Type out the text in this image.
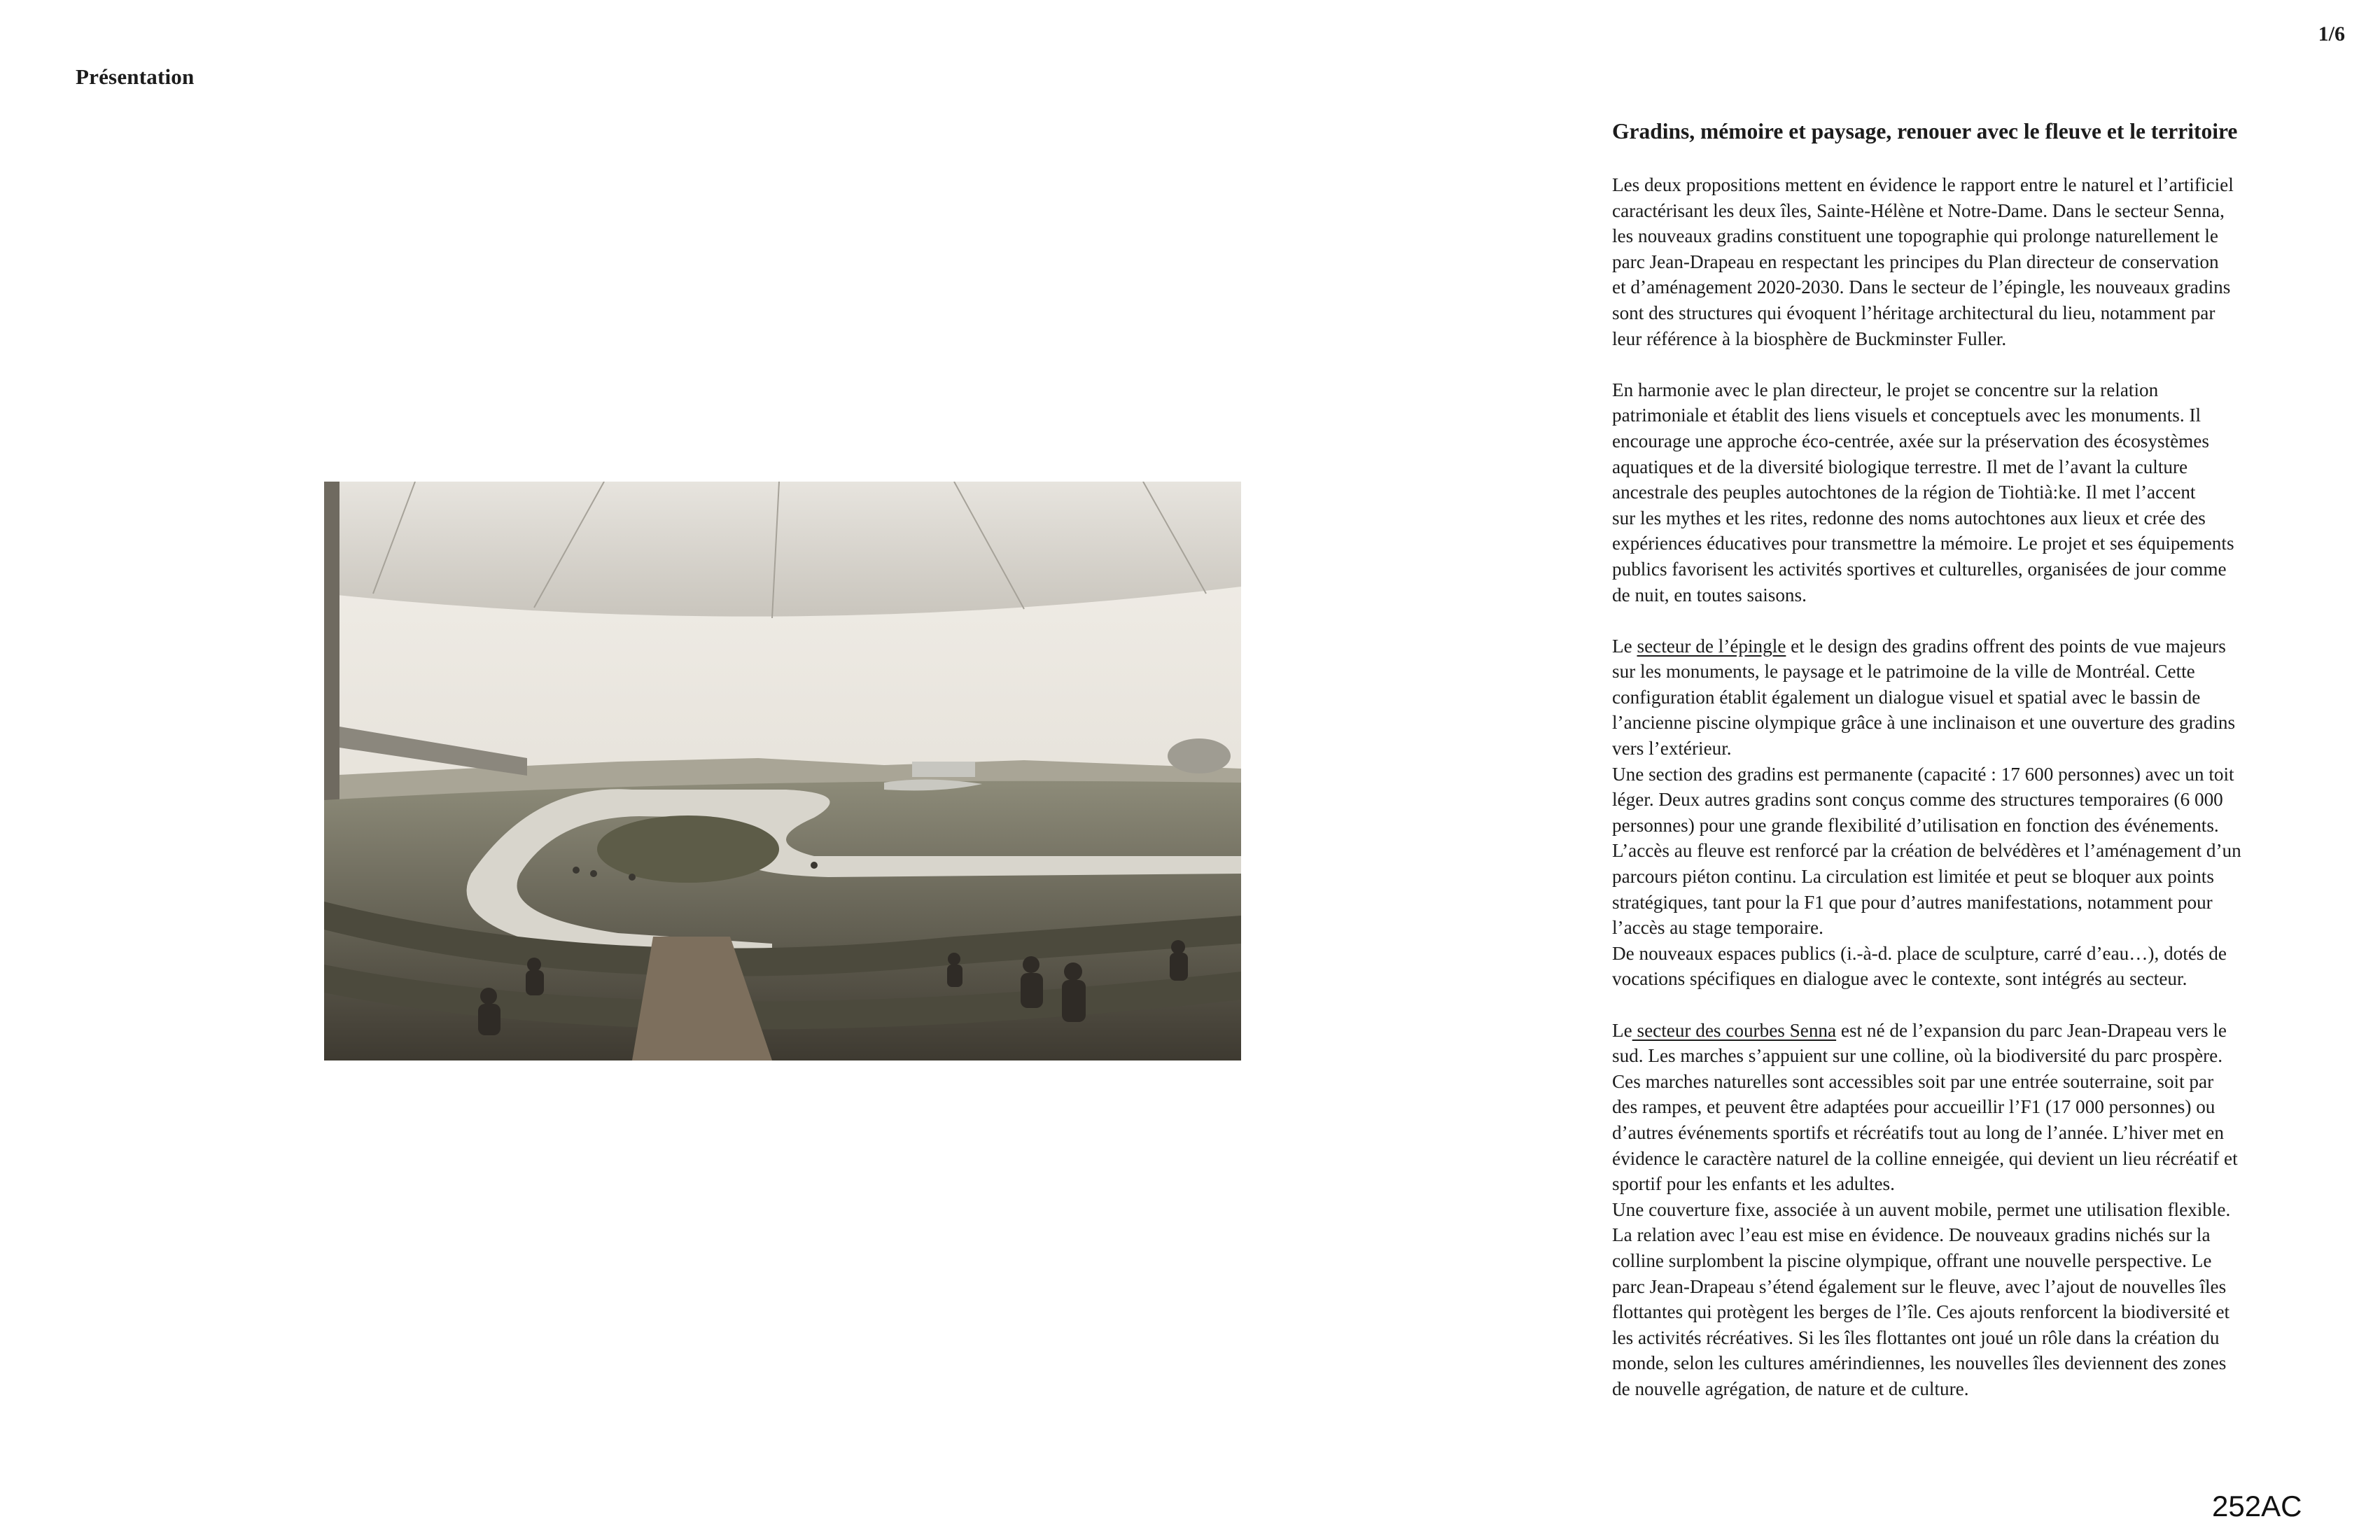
Présentation
1/6
Gradins, mémoire et paysage, renouer avec le fleuve et le territoire

Les deux propositions mettent en évidence le rapport entre le naturel et l’artificiel
caractérisant les deux îles, Sainte-Hélène et Notre-Dame. Dans le secteur Senna,
les nouveaux gradins constituent une topographie qui prolonge naturellement le
parc Jean-Drapeau en respectant les principes du Plan directeur de conservation
et d’aménagement 2020-2030. Dans le secteur de l’épingle, les nouveaux gradins
sont des structures qui évoquent l’héritage architectural du lieu, notamment par
leur référence à la biosphère de Buckminster Fuller.

En harmonie avec le plan directeur, le projet se concentre sur la relation
patrimoniale et établit des liens visuels et conceptuels avec les monuments. Il
encourage une approche éco-centrée, axée sur la préservation des écosystèmes
aquatiques et de la diversité biologique terrestre. Il met de l’avant la culture
ancestrale des peuples autochtones de la région de Tiohtià:ke. Il met l’accent
sur les mythes et les rites, redonne des noms autochtones aux lieux et crée des
expériences éducatives pour transmettre la mémoire. Le projet et ses équipements
publics favorisent les activités sportives et culturelles, organisées de jour comme
de nuit, en toutes saisons.

Le secteur de l’épingle et le design des gradins offrent des points de vue majeurs
sur les monuments, le paysage et le patrimoine de la ville de Montréal. Cette
configuration établit également un dialogue visuel et spatial avec le bassin de
l’ancienne piscine olympique grâce à une inclinaison et une ouverture des gradins
vers l’extérieur.
Une section des gradins est permanente (capacité : 17 600 personnes) avec un toit
léger. Deux autres gradins sont conçus comme des structures temporaires (6 000
personnes) pour une grande flexibilité d’utilisation en fonction des événements.
L’accès au fleuve est renforcé par la création de belvédères et l’aménagement d’un
parcours piéton continu. La circulation est limitée et peut se bloquer aux points
stratégiques, tant pour la F1 que pour d’autres manifestations, notamment pour
l’accès au stage temporaire.
De nouveaux espaces publics (i.-à-d. place de sculpture, carré d’eau…), dotés de
vocations spécifiques en dialogue avec le contexte, sont intégrés au secteur.

Le secteur des courbes Senna est né de l’expansion du parc Jean-Drapeau vers le
sud. Les marches s’appuient sur une colline, où la biodiversité du parc prospère.
Ces marches naturelles sont accessibles soit par une entrée souterraine, soit par
des rampes, et peuvent être adaptées pour accueillir l’F1 (17 000 personnes) ou
d’autres événements sportifs et récréatifs tout au long de l’année. L’hiver met en
évidence le caractère naturel de la colline enneigée, qui devient un lieu récréatif et
sportif pour les enfants et les adultes.
Une couverture fixe, associée à un auvent mobile, permet une utilisation flexible.
La relation avec l’eau est mise en évidence. De nouveaux gradins nichés sur la
colline surplombent la piscine olympique, offrant une nouvelle perspective. Le
parc Jean-Drapeau s’étend également sur le fleuve, avec l’ajout de nouvelles îles
flottantes qui protègent les berges de l’île. Ces ajouts renforcent la biodiversité et
les activités récréatives. Si les îles flottantes ont joué un rôle dans la création du
monde, selon les cultures amérindiennes, les nouvelles îles deviennent des zones
de nouvelle agrégation, de nature et de culture.

252AC
